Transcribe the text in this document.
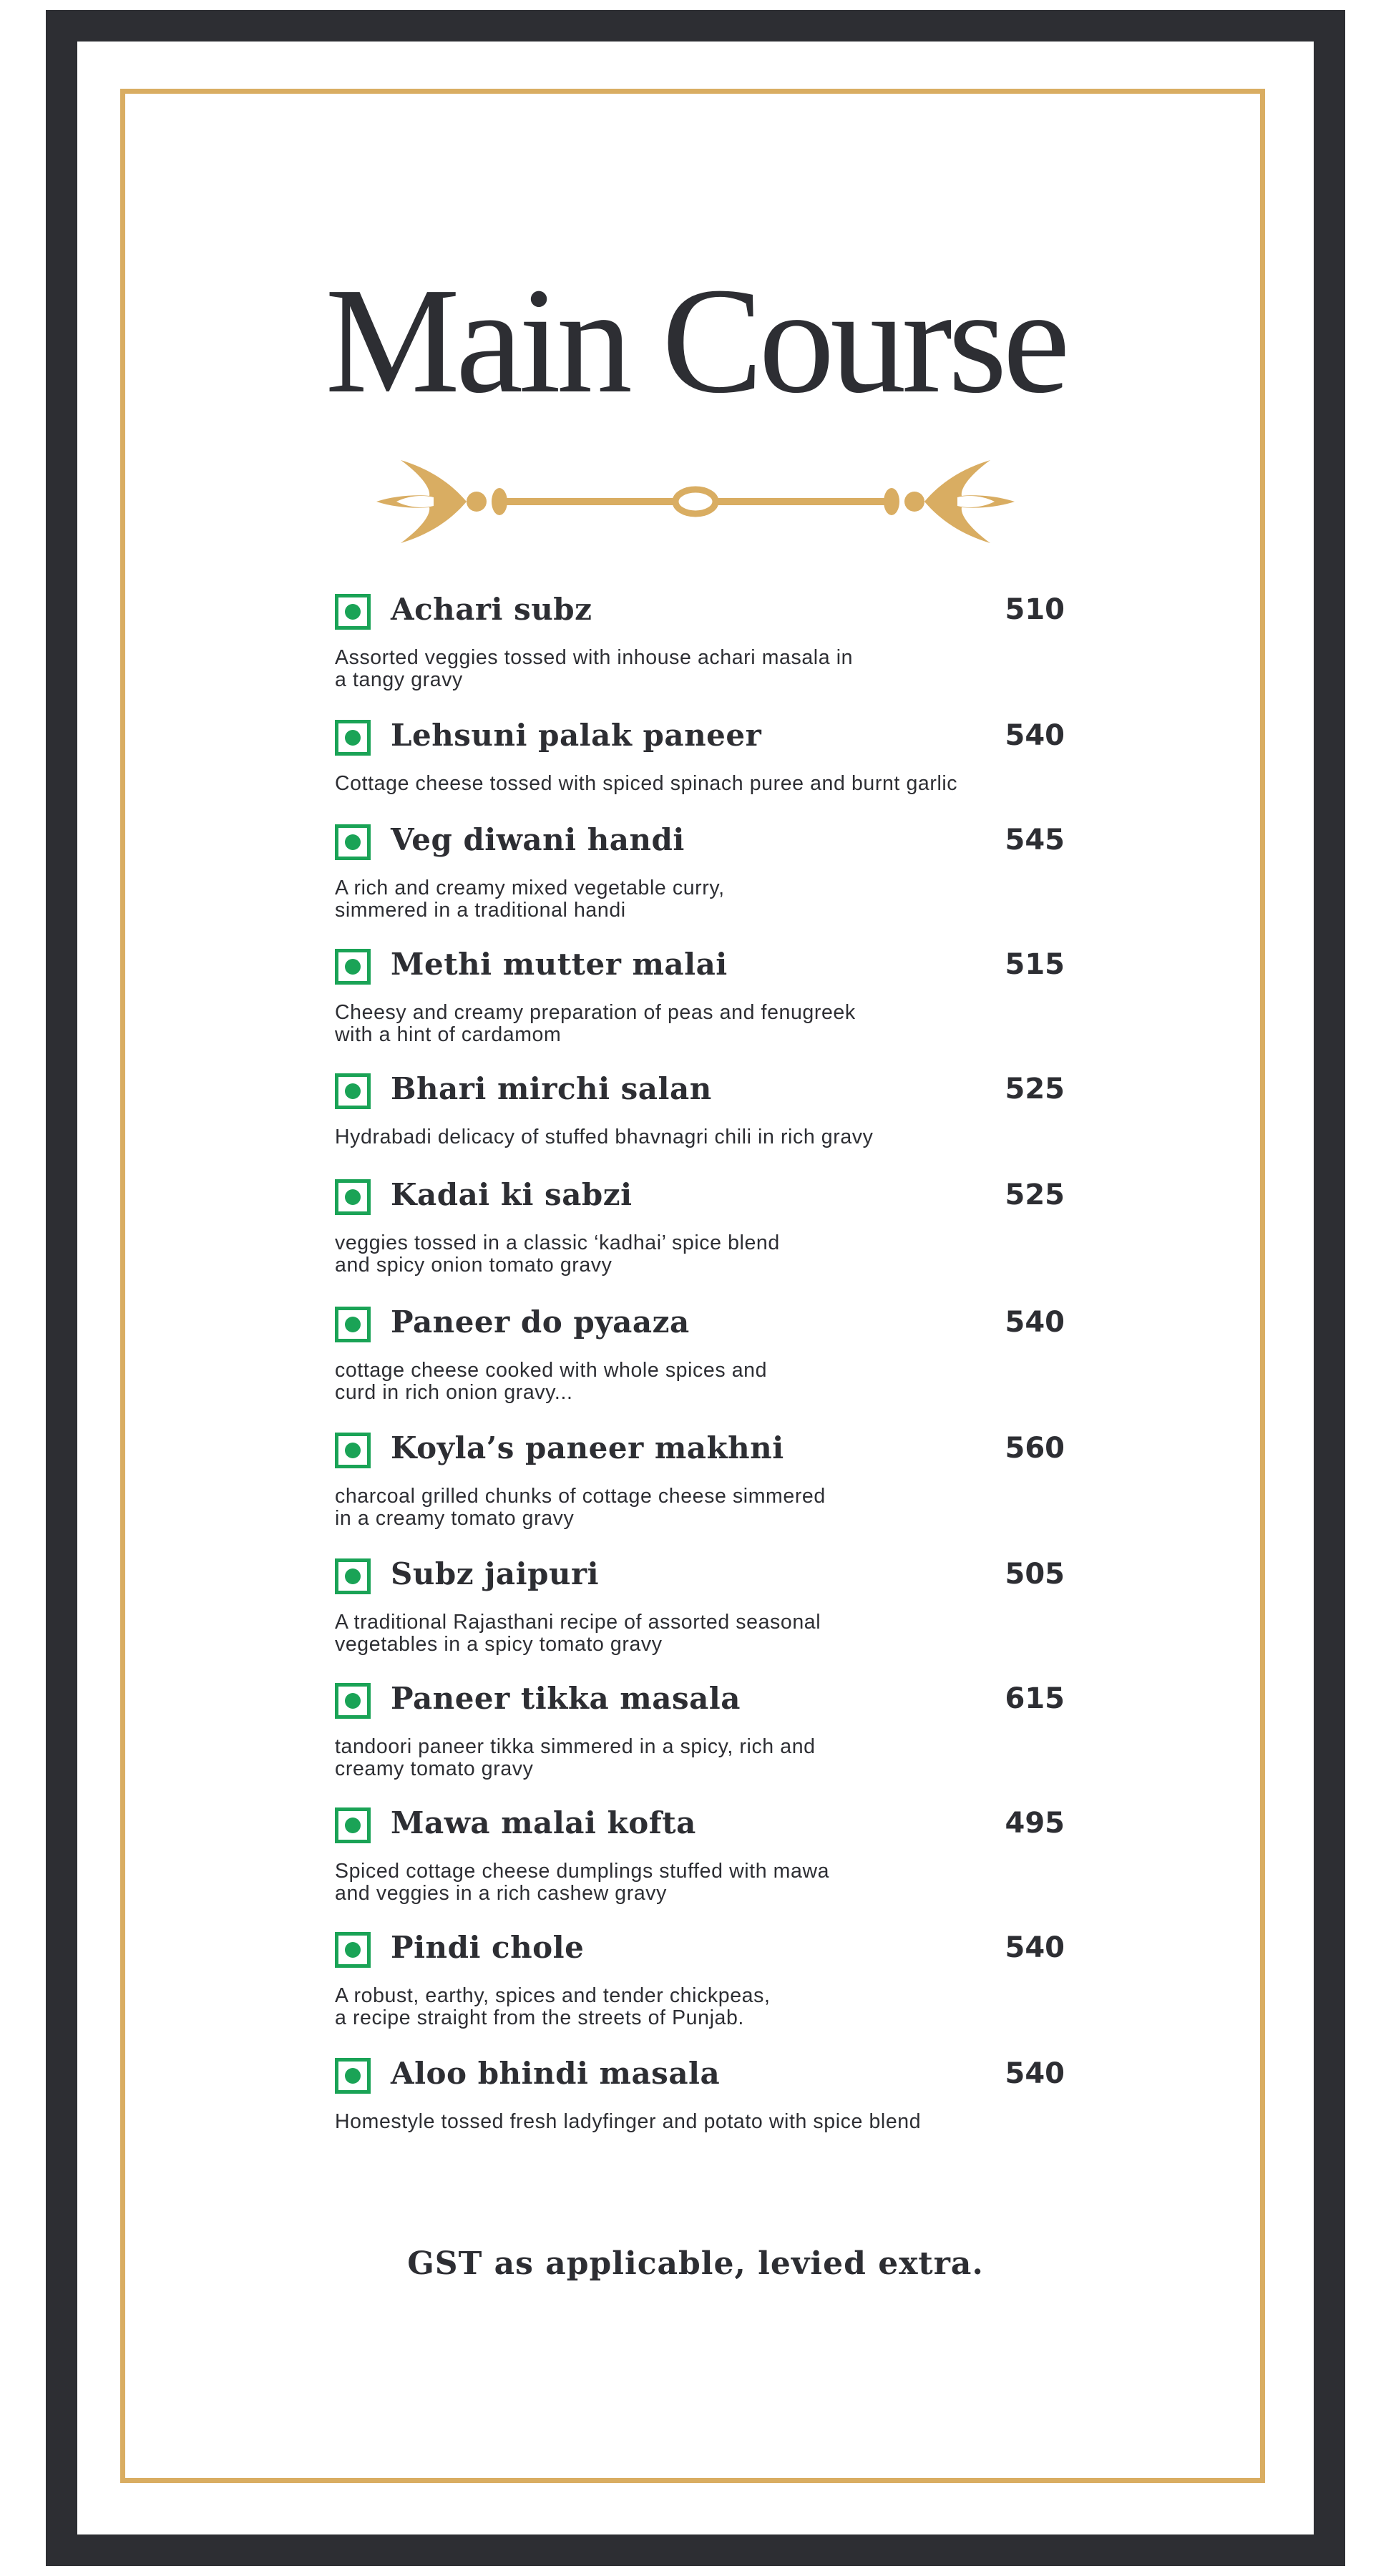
Main Course
Achari subz	510
Assorted veggies tossed with inhouse achari masala in
a tangy gravy
Lehsuni palak paneer	540
Cottage cheese tossed with spiced spinach puree and burnt garlic
Veg diwani handi	545
A rich and creamy mixed vegetable curry,
simmered in a traditional handi
Methi mutter malai	515
Cheesy and creamy preparation of peas and fenugreek
with a hint of cardamom
Bhari mirchi salan	525
Hydrabadi delicacy of stuffed bhavnagri chili in rich gravy
Kadai ki sabzi	525
veggies tossed in a classic ‘kadhai’ spice blend
and spicy onion tomato gravy
Paneer do pyaaza	540
cottage cheese cooked with whole spices and
curd in rich onion gravy...
Koyla’s paneer makhni	560
charcoal grilled chunks of cottage cheese simmered
in a creamy tomato gravy
Subz jaipuri	505
A traditional Rajasthani recipe of assorted seasonal
vegetables in a spicy tomato gravy
Paneer tikka masala	615
tandoori paneer tikka simmered in a spicy, rich and
creamy tomato gravy
Mawa malai kofta	495
Spiced cottage cheese dumplings stuffed with mawa
and veggies in a rich cashew gravy
Pindi chole	540
A robust, earthy, spices and tender chickpeas,
a recipe straight from the streets of Punjab.
Aloo bhindi masala	540
Homestyle tossed fresh ladyfinger and potato with spice blend
GST as applicable, levied extra.
